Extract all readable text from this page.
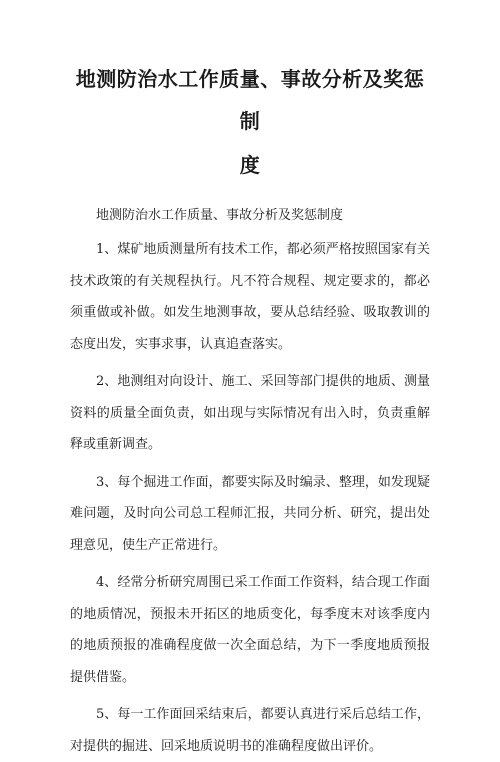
地测防治水工作质量、事故分析及奖惩制
度

地测防治水工作质量、事故分析及奖惩制度

1、煤矿地质测量所有技术工作，都必须严格按照国家有关技术政策的有关规程执行。凡不符合规程、规定要求的，都必须重做或补做。如发生地测事故，要从总结经验、吸取教训的态度出发，实事求事，认真追查落实。

2、地测组对向设计、施工、采回等部门提供的地质、测量资料的质量全面负责，如出现与实际情况有出入时，负责重解释或重新调查。

3、每个掘进工作面，都要实际及时编录、整理，如发现疑难问题，及时向公司总工程师汇报，共同分析、研究，提出处理意见，使生产正常进行。

4、经常分析研究周围已采工作面工作资料，结合现工作面的地质情况，预报未开拓区的地质变化，每季度末对该季度内的地质预报的准确程度做一次全面总结，为下一季度地质预报提供借鉴。

5、每一工作面回采结束后，都要认真进行采后总结工作，对提供的掘进、回采地质说明书的准确程度做出评价。
